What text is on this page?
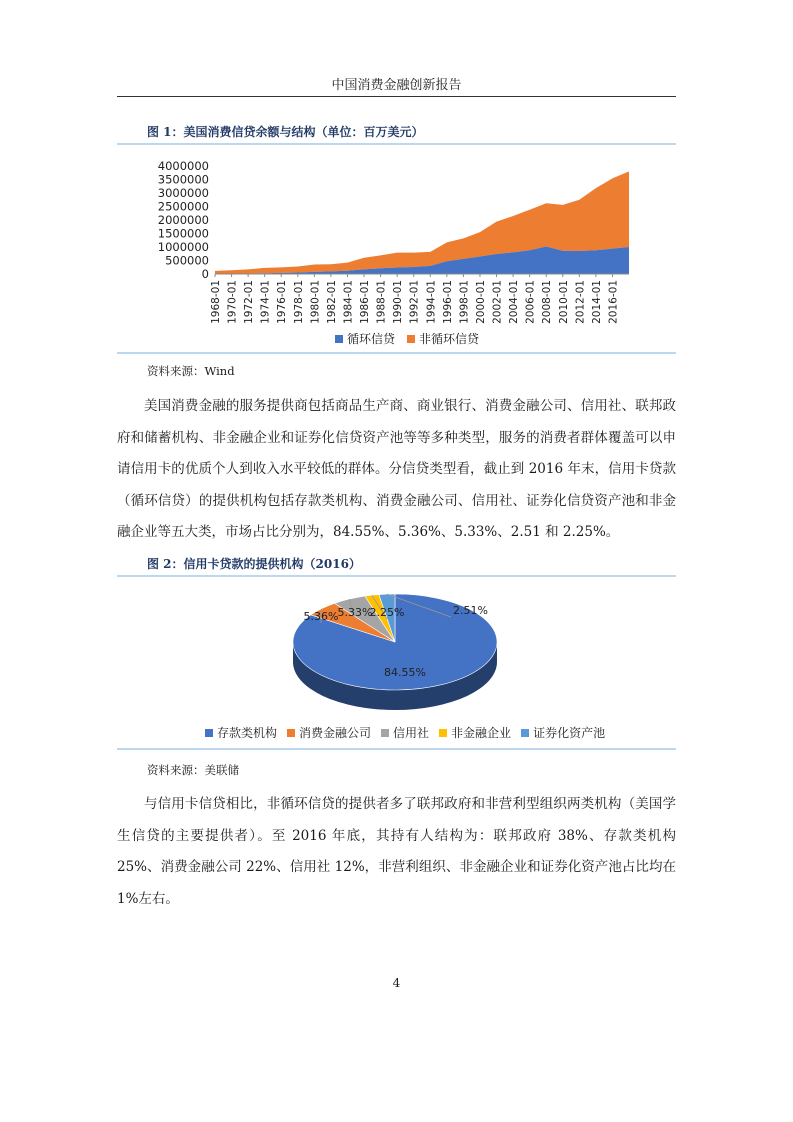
中国消费金融创新报告
图 1：美国消费信贷余额与结构（单位：百万美元）
0
500000
1000000
1500000
2000000
2500000
3000000
3500000
4000000
1968-01 1970-01 1972-01 1974-01 1976-01 1978-01 1980-01 1982-01 1984-01 1986-01 1988-01 1990-01 1992-01 1994-01 1996-01 1998-01 2000-01 2002-01 2004-01 2006-01 2008-01 2010-01 2012-01 2014-01 2016-01
循环信贷 非循环信贷
资料来源：Wind

美国消费金融的服务提供商包括商品生产商、商业银行、消费金融公司、信用社、联邦政府和储蓄机构、非金融企业和证券化信贷资产池等等多种类型，服务的消费者群体覆盖可以申请信用卡的优质个人到收入水平较低的群体。分信贷类型看，截止到 2016 年末，信用卡贷款（循环信贷）的提供机构包括存款类机构、消费金融公司、信用社、证券化信贷资产池和非金融企业等五大类，市场占比分别为，84.55%、5.36%、5.33%、2.51 和 2.25%。

图 2：信用卡贷款的提供机构（2016）
84.55%
5.36% 5.33%
2.25%	2.51%
存款类机构 消费金融公司 信用社 非金融企业 证券化资产池
资料来源：美联储

与信用卡信贷相比，非循环信贷的提供者多了联邦政府和非营利型组织两类机构（美国学生信贷的主要提供者）。至 2016 年底，其持有人结构为：联邦政府 38%、存款类机构 25%、消费金融公司 22%、信用社 12%，非营利组织、非金融企业和证券化资产池占比均在 1%左右。

4
